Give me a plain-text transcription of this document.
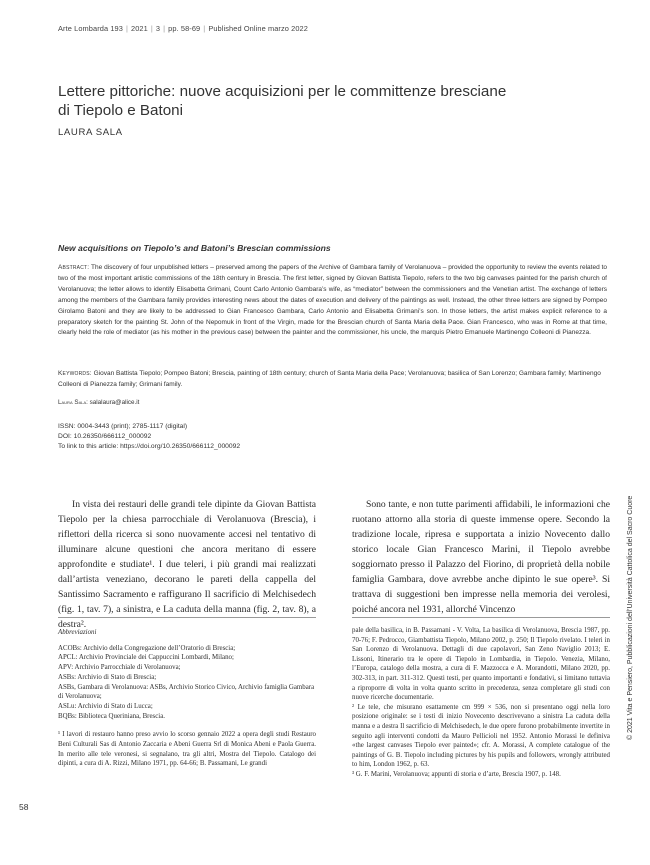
Arte Lombarda 193 | 2021 | 3 | pp. 58-69 | Published Online marzo 2022
Lettere pittoriche: nuove acquisizioni per le committenze bresciane
di Tiepolo e Batoni
LAURA SALA
New acquisitions on Tiepolo’s and Batoni’s Brescian commissions
Abstract: The discovery of four unpublished letters – preserved among the papers of the Archive of Gambara family of Verolanuova – provided the opportunity to review the events related to two of the most important artistic commissions of the 18th century in Brescia. The first letter, signed by Giovan Battista Tiepolo, refers to the two big canvases painted for the parish church of Verolanuova; the letter allows to identify Elisabetta Grimani, Count Carlo Antonio Gambara’s wife, as “mediator” between the commissioners and the Venetian artist. The exchange of letters among the members of the Gambara family provides interesting news about the dates of execution and delivery of the paintings as well. Instead, the other three letters are signed by Pompeo Girolamo Batoni and they are likely to be addressed to Gian Francesco Gambara, Carlo Antonio and Elisabetta Grimani’s son. In those letters, the artist makes explicit reference to a preparatory sketch for the painting St. John of the Nepomuk in front of the Virgin, made for the Brescian church of Santa Maria della Pace. Gian Francesco, who was in Rome at that time, clearly held the role of mediator (as his mother in the previous case) between the painter and the commissioner, his uncle, the marquis Pietro Emanuele Martinengo Colleoni di Pianezza.
Keywords: Giovan Battista Tiepolo; Pompeo Batoni; Brescia, painting of 18th century; church of Santa Maria della Pace; Verolanuova; basilica of San Lorenzo; Gambara family; Martinengo Colleoni di Pianezza family; Grimani family.
Laura Sala: salalaura@alice.it
ISSN: 0004-3443 (print); 2785-1117 (digital)
DOI: 10.26350/666112_000092
To link to this article: https://doi.org/10.26350/666112_000092

In vista dei restauri delle grandi tele dipinte da Giovan Battista Tiepolo per la chiesa parrocchiale di Verolanuova (Brescia), i riflettori della ricerca si sono nuovamente accesi nel tentativo di illuminare alcune questioni che ancora meritano di essere approfondite e studiate¹. I due teleri, i più grandi mai realizzati dall’artista veneziano, decorano le pareti della cappella del Santissimo Sacramento e raffigurano Il sacrificio di Melchisedech (fig. 1, tav. 7), a sinistra, e La caduta della manna (fig. 2, tav. 8), a destra².

Sono tante, e non tutte parimenti affidabili, le informazioni che ruotano attorno alla storia di queste immense opere. Secondo la tradizione locale, ripresa e supportata a inizio Novecento dallo storico locale Gian Francesco Marini, il Tiepolo avrebbe soggiornato presso il Palazzo del Fiorino, di proprietà della nobile famiglia Gambara, dove avrebbe anche dipinto le sue opere³. Si trattava di suggestioni ben impresse nella memoria dei verolesi, poiché ancora nel 1931, allorché Vincenzo

Abbreviazioni
ACOBs: Archivio della Congregazione dell’Oratorio di Brescia;
APCL: Archivio Provinciale dei Cappuccini Lombardi, Milano;
APV: Archivio Parrocchiale di Verolanuova;
ASBs: Archivio di Stato di Brescia;
ASBs, Gambara di Verolanuova: ASBs, Archivio Storico Civico, Archivio famiglia Gambara di Verolanuova;
ASLu: Archivio di Stato di Lucca;
BQBs: Biblioteca Queriniana, Brescia.

¹ I lavori di restauro hanno preso avvio lo scorso gennaio 2022 a opera degli studi Restauro Beni Culturali Sas di Antonio Zaccaria e Abeni Guerra Srl di Monica Abeni e Paola Guerra. In merito alle tele veronesi, si segnalano, tra gli altri, Mostra del Tiepolo. Catalogo dei dipinti, a cura di A. Rizzi, Milano 1971, pp. 64-66; B. Passamani, Le grandi

pale della basilica, in B. Passamani - V. Volta, La basilica di Verolanuova, Brescia 1987, pp. 70-76; F. Pedrocco, Giambattista Tiepolo, Milano 2002, p. 250; Il Tiepolo rivelato. I teleri in San Lorenzo di Verolanuova. Dettagli di due capolavori, San Zeno Naviglio 2013; E. Lissoni, Itinerario tra le opere di Tiepolo in Lombardia, in Tiepolo. Venezia, Milano, l’Europa, catalogo della mostra, a cura di F. Mazzocca e A. Morandotti, Milano 2020, pp. 302-313, in part. 311-312. Questi testi, per quanto importanti e fondativi, si limitano tuttavia a riproporre di volta in volta quanto scritto in precedenza, senza completare gli studi con nuove ricerche documentarie.

² Le tele, che misurano esattamente cm 999 × 536, non si presentano oggi nella loro posizione originale: se i testi di inizio Novecento descrivevano a sinistra La caduta della manna e a destra Il sacrificio di Melchisedech, le due opere furono probabilmente invertite in seguito agli interventi condotti da Mauro Pellicioli nel 1952. Antonio Morassi le definiva «the largest canvases Tiepolo ever painted»; cfr. A. Morassi, A complete catalogue of the paintings of G. B. Tiepolo including pictures by his pupils and followers, wrongly attributed to him, London 1962, p. 63.

³ G. F. Marini, Verolanuova; appunti di storia e d’arte, Brescia 1907, p. 148.

58
© 2021 Vita e Pensiero, Pubblicazioni dell’Università Cattolica del Sacro Cuore
